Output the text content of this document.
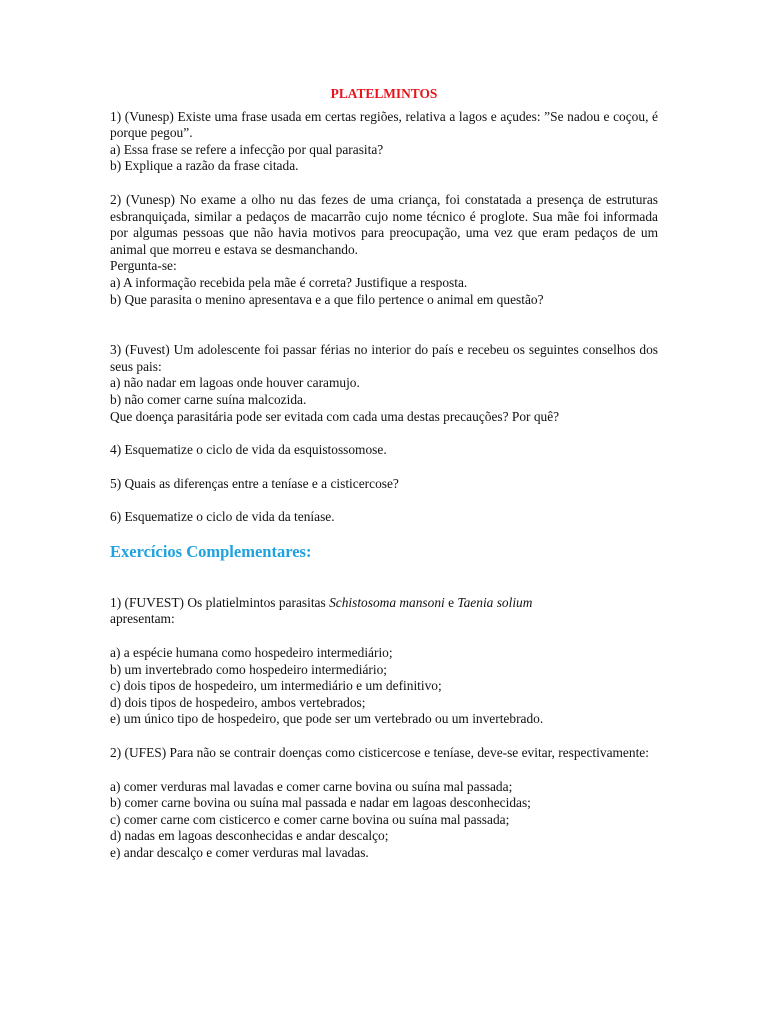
PLATELMINTOS

1) (Vunesp) Existe uma frase usada em certas regiões, relativa a lagos e açudes: ”Se nadou e coçou, é porque pegou”.

a) Essa frase se refere a infecção por qual parasita?

b) Explique a razão da frase citada.

2) (Vunesp) No exame a olho nu das fezes de uma criança, foi constatada a presença de estruturas esbranquiçada, similar a pedaços de macarrão cujo nome técnico é proglote. Sua mãe foi informada por algumas pessoas que não havia motivos para preocupação, uma vez que eram pedaços de um animal que morreu e estava se desmanchando.

Pergunta-se:

a) A informação recebida pela mãe é correta? Justifique a resposta.

b) Que parasita o menino apresentava e a que filo pertence o animal em questão?

3) (Fuvest) Um adolescente foi passar férias no interior do país e recebeu os seguintes conselhos dos seus pais:

a) não nadar em lagoas onde houver caramujo.

b) não comer carne suína malcozida.

Que doença parasitária pode ser evitada com cada uma destas precauções? Por quê?

4) Esquematize o ciclo de vida da esquistossomose.

5) Quais as diferenças entre a teníase e a cisticercose?

6) Esquematize o ciclo de vida da teníase.

Exercícios Complementares:

1) (FUVEST) Os platielmintos parasitas Schistosoma mansoni e Taenia solium

apresentam:

a) a espécie humana como hospedeiro intermediário;

b) um invertebrado como hospedeiro intermediário;

c) dois tipos de hospedeiro, um intermediário e um definitivo;

d) dois tipos de hospedeiro, ambos vertebrados;

e) um único tipo de hospedeiro, que pode ser um vertebrado ou um invertebrado.

2) (UFES) Para não se contrair doenças como cisticercose e teníase, deve-se evitar, respectivamente:

a) comer verduras mal lavadas e comer carne bovina ou suína mal passada;

b) comer carne bovina ou suína mal passada e nadar em lagoas desconhecidas;

c) comer carne com cisticerco e comer carne bovina ou suína mal passada;

d) nadas em lagoas desconhecidas e andar descalço;

e) andar descalço e comer verduras mal lavadas.
